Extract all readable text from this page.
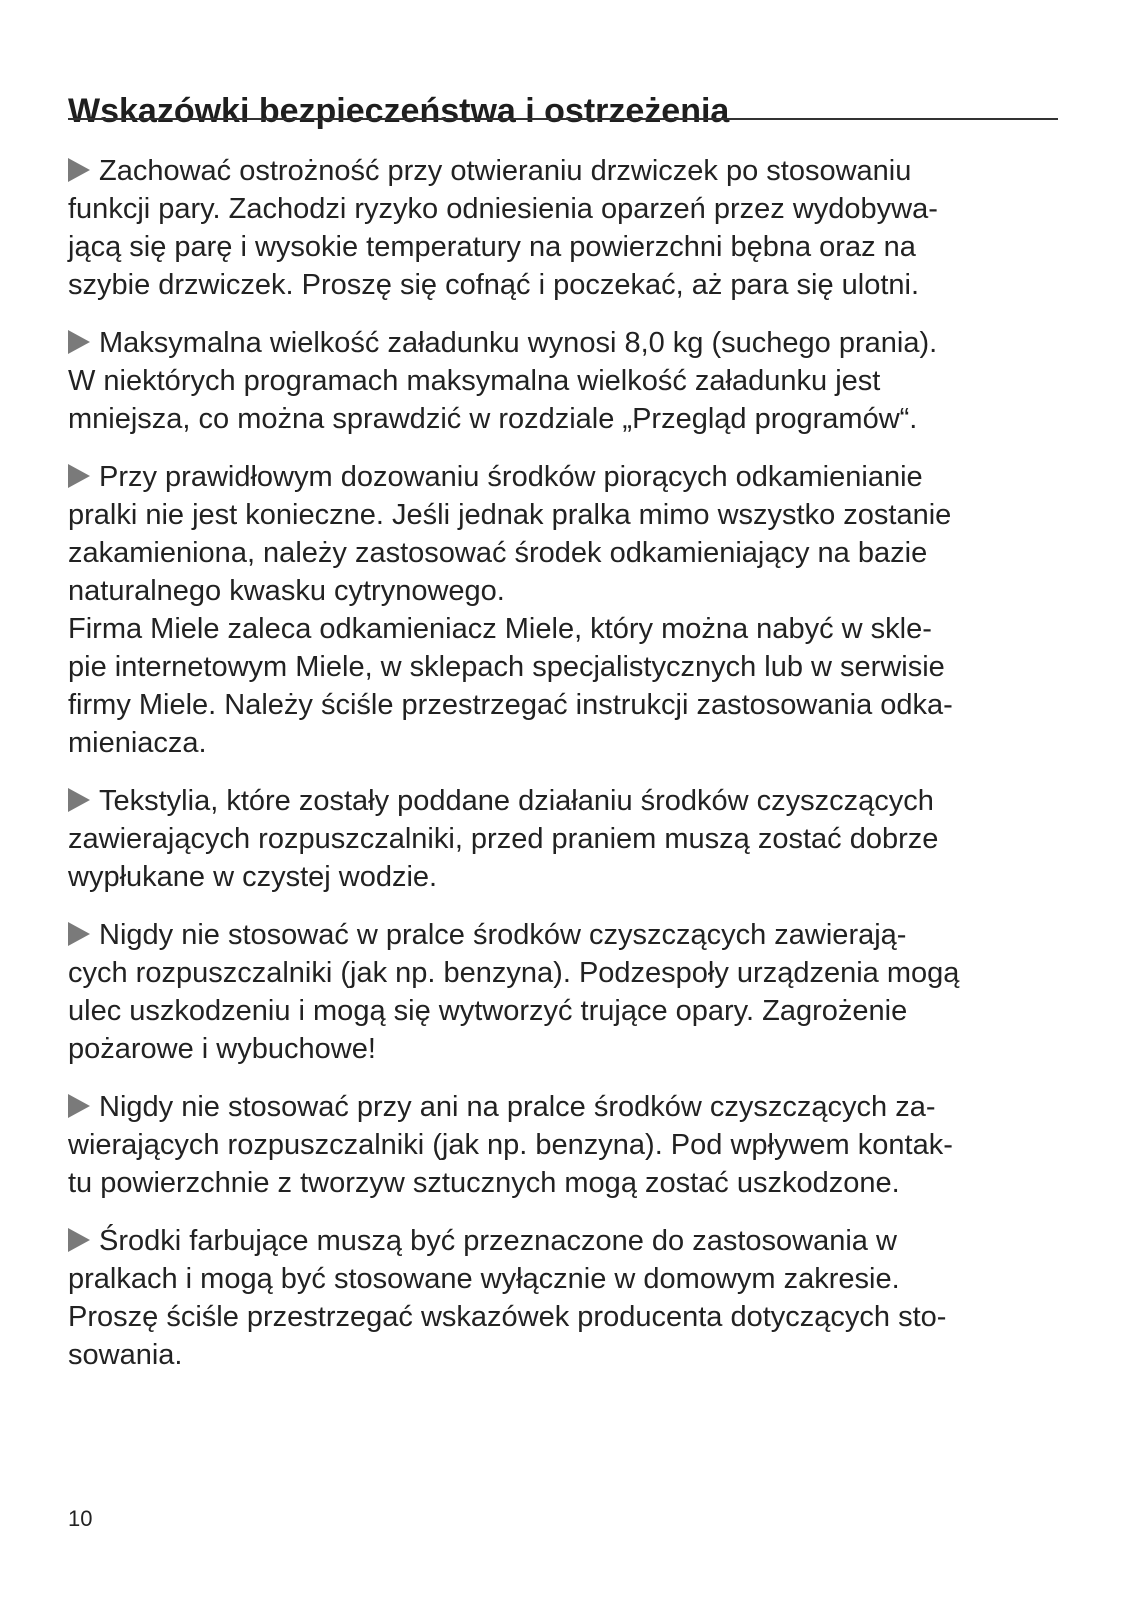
Wskazówki bezpieczeństwa i ostrzeżenia

Zachować ostrożność przy otwieraniu drzwiczek po stosowaniu

funkcji pary. Zachodzi ryzyko odniesienia oparzeń przez wydobywa-

jącą się parę i wysokie temperatury na powierzchni bębna oraz na

szybie drzwiczek. Proszę się cofnąć i poczekać, aż para się ulotni.

Maksymalna wielkość załadunku wynosi 8,0 kg (suchego prania).

W niektórych programach maksymalna wielkość załadunku jest

mniejsza, co można sprawdzić w rozdziale „Przegląd programów“.

Przy prawidłowym dozowaniu środków piorących odkamienianie

pralki nie jest konieczne. Jeśli jednak pralka mimo wszystko zostanie

zakamieniona, należy zastosować środek odkamieniający na bazie

naturalnego kwasku cytrynowego.

Firma Miele zaleca odkamieniacz Miele, który można nabyć w skle-

pie internetowym Miele, w sklepach specjalistycznych lub w serwisie

firmy Miele. Należy ściśle przestrzegać instrukcji zastosowania odka-

mieniacza.

Tekstylia, które zostały poddane działaniu środków czyszczących

zawierających rozpuszczalniki, przed praniem muszą zostać dobrze

wypłukane w czystej wodzie.

Nigdy nie stosować w pralce środków czyszczących zawierają-

cych rozpuszczalniki (jak np. benzyna). Podzespoły urządzenia mogą

ulec uszkodzeniu i mogą się wytworzyć trujące opary. Zagrożenie

pożarowe i wybuchowe!

Nigdy nie stosować przy ani na pralce środków czyszczących za-

wierających rozpuszczalniki (jak np. benzyna). Pod wpływem kontak-

tu powierzchnie z tworzyw sztucznych mogą zostać uszkodzone.

Środki farbujące muszą być przeznaczone do zastosowania w

pralkach i mogą być stosowane wyłącznie w domowym zakresie.

Proszę ściśle przestrzegać wskazówek producenta dotyczących sto-

sowania.

10
